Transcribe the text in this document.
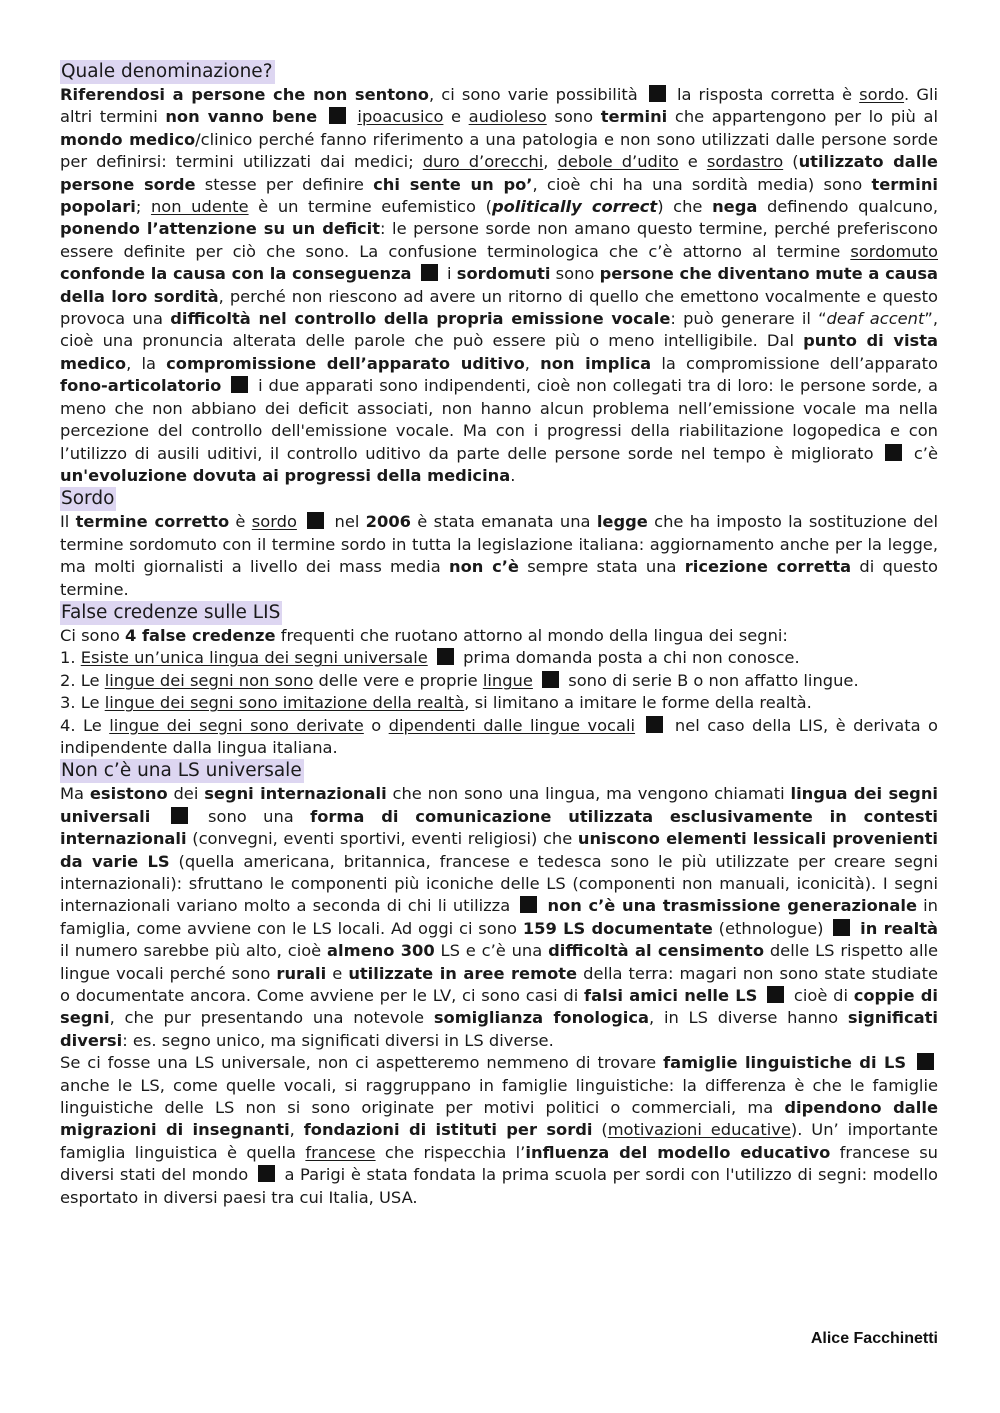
Quale denominazione?

Riferendosi a persone che non sentono, ci sono varie possibilità  la risposta corretta è sordo. Gli altri termini non vanno bene ipoacusico e audioleso sono termini che appartengono per lo più al mondo medico/clinico perché fanno riferimento a una patologia e non sono utilizzati dalle persone sorde per definirsi: termini utilizzati dai medici; duro d’orecchi, debole d’udito e sordastro (utilizzato dalle persone sorde stesse per definire chi sente un po’, cioè chi ha una sordità media) sono termini popolari; non udente è un termine eufemistico (politically correct) che nega definendo qualcuno, ponendo l’attenzione su un deficit: le persone sorde non amano questo termine, perché preferiscono essere definite per ciò che sono. La confusione terminologica che c’è attorno al termine sordomuto confonde la causa con la conseguenza  i sordomuti sono persone che diventano mute a causa della loro sordità, perché non riescono ad avere un ritorno di quello che emettono vocalmente e questo provoca una difficoltà nel controllo della propria emissione vocale: può generare il “deaf accent”, cioè una pronuncia alterata delle parole che può essere più o meno intelligibile. Dal punto di vista medico, la compromissione dell’apparato uditivo, non implica la compromissione dell’apparato fono-articolatorio  i due apparati sono indipendenti, cioè non collegati tra di loro: le persone sorde, a meno che non abbiano dei deficit associati, non hanno alcun problema nell’emissione vocale ma nella percezione del controllo dell'emissione vocale. Ma con i progressi della riabilitazione logopedica e con l’utilizzo di ausili uditivi, il controllo uditivo da parte delle persone sorde nel tempo è migliorato  c’è un'evoluzione dovuta ai progressi della medicina.

Sordo

Il termine corretto è sordo  nel 2006 è stata emanata una legge che ha imposto la sostituzione del termine sordomuto con il termine sordo in tutta la legislazione italiana: aggiornamento anche per la legge, ma molti giornalisti a livello dei mass media non c’è sempre stata una ricezione corretta di questo termine.

False credenze sulle LIS

Ci sono 4 false credenze frequenti che ruotano attorno al mondo della lingua dei segni:

1. Esiste un’unica lingua dei segni universale  prima domanda posta a chi non conosce.

2. Le lingue dei segni non sono delle vere e proprie lingue  sono di serie B o non affatto lingue.

3. Le lingue dei segni sono imitazione della realtà, si limitano a imitare le forme della realtà.

4. Le lingue dei segni sono derivate o dipendenti dalle lingue vocali  nel caso della LIS, è derivata o indipendente dalla lingua italiana.

Non c’è una LS universale

Ma esistono dei segni internazionali che non sono una lingua, ma vengono chiamati lingua dei segni universali	sono una forma di comunicazione utilizzata esclusivamente in contesti internazionali (convegni, eventi sportivi, eventi religiosi) che uniscono elementi lessicali provenienti da varie LS (quella americana, britannica, francese e tedesca sono le più utilizzate per creare segni internazionali): sfruttano le componenti più iconiche delle LS (componenti non manuali, iconicità). I segni internazionali variano molto a seconda di chi li utilizza  non c’è una trasmissione generazionale in famiglia, come avviene con le LS locali. Ad oggi ci sono 159 LS documentate (ethnologue)  in realtà il numero sarebbe più alto, cioè almeno 300 LS e c’è una difficoltà al censimento delle LS rispetto alle lingue vocali perché sono rurali e utilizzate in aree remote della terra: magari non sono state studiate o documentate ancora. Come avviene per le LV, ci sono casi di falsi amici nelle LS  cioè di coppie di segni, che pur presentando una notevole somiglianza fonologica, in LS diverse hanno significati diversi: es. segno unico, ma significati diversi in LS diverse.

Se ci fosse una LS universale, non ci aspetteremo nemmeno di trovare famiglie linguistiche di LS  anche le LS, come quelle vocali, si raggruppano in famiglie linguistiche: la differenza è che le famiglie linguistiche delle LS non si sono originate per motivi politici o commerciali, ma dipendono dalle migrazioni di insegnanti, fondazioni di istituti per sordi (motivazioni educative). Un’ importante famiglia linguistica è quella francese che rispecchia l’influenza del modello educativo francese su diversi stati del mondo  a Parigi è stata fondata la prima scuola per sordi con l'utilizzo di segni: modello esportato in diversi paesi tra cui Italia, USA.

Alice Facchinetti
